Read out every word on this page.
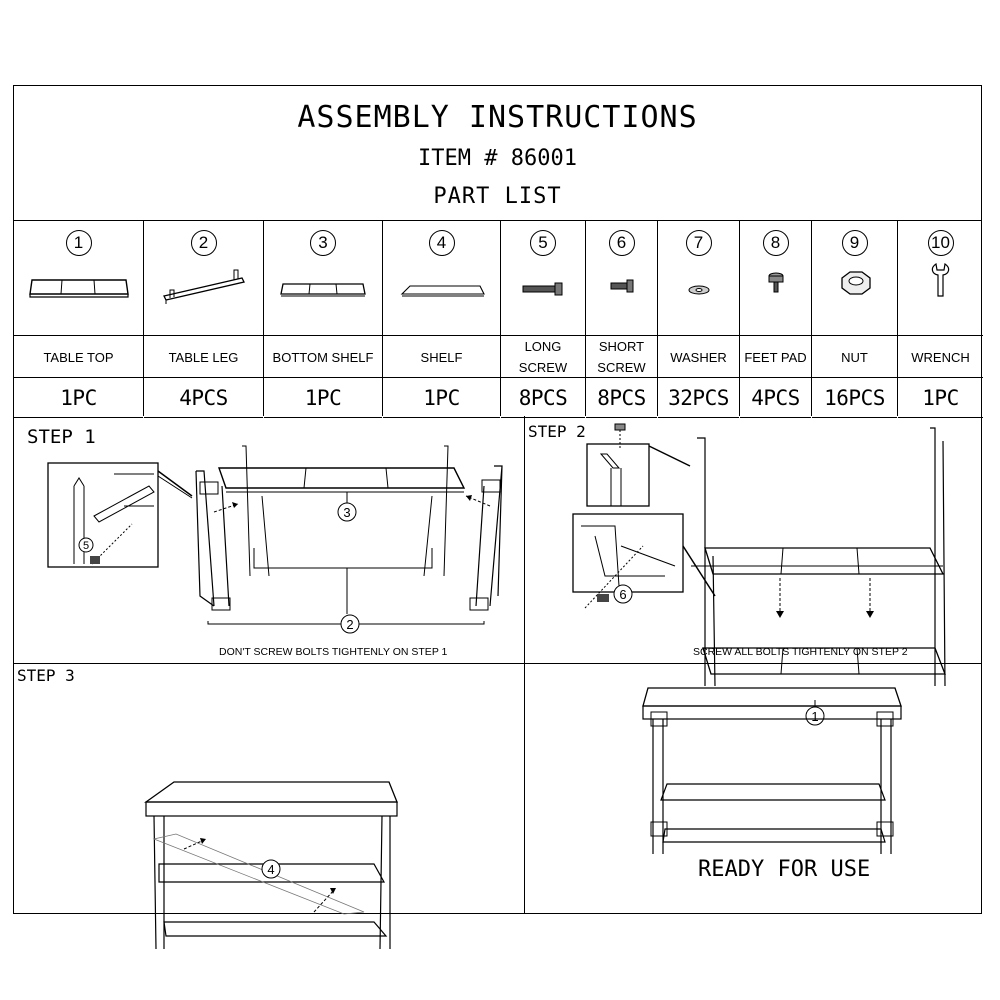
ASSEMBLY INSTRUCTIONS
ITEM # 86001
PART LIST
1
TABLE TOP
1PC
2
TABLE LEG
4PCS
3
BOTTOM SHELF
1PC
4
SHELF
1PC
5
LONG
SCREW
8PCS
6
SHORT
SCREW
8PCS
7
WASHER
32PCS
8
FEET PAD
4PCS
9
NUT
16PCS
10
WRENCH
1PC
STEP 1
5
3
2
DON'T SCREW BOLTS TIGHTENLY ON STEP 1
STEP 2
6
1
SCREW ALL BOLTS TIGHTENLY ON STEP 2
STEP 3
4	READY FOR USE
